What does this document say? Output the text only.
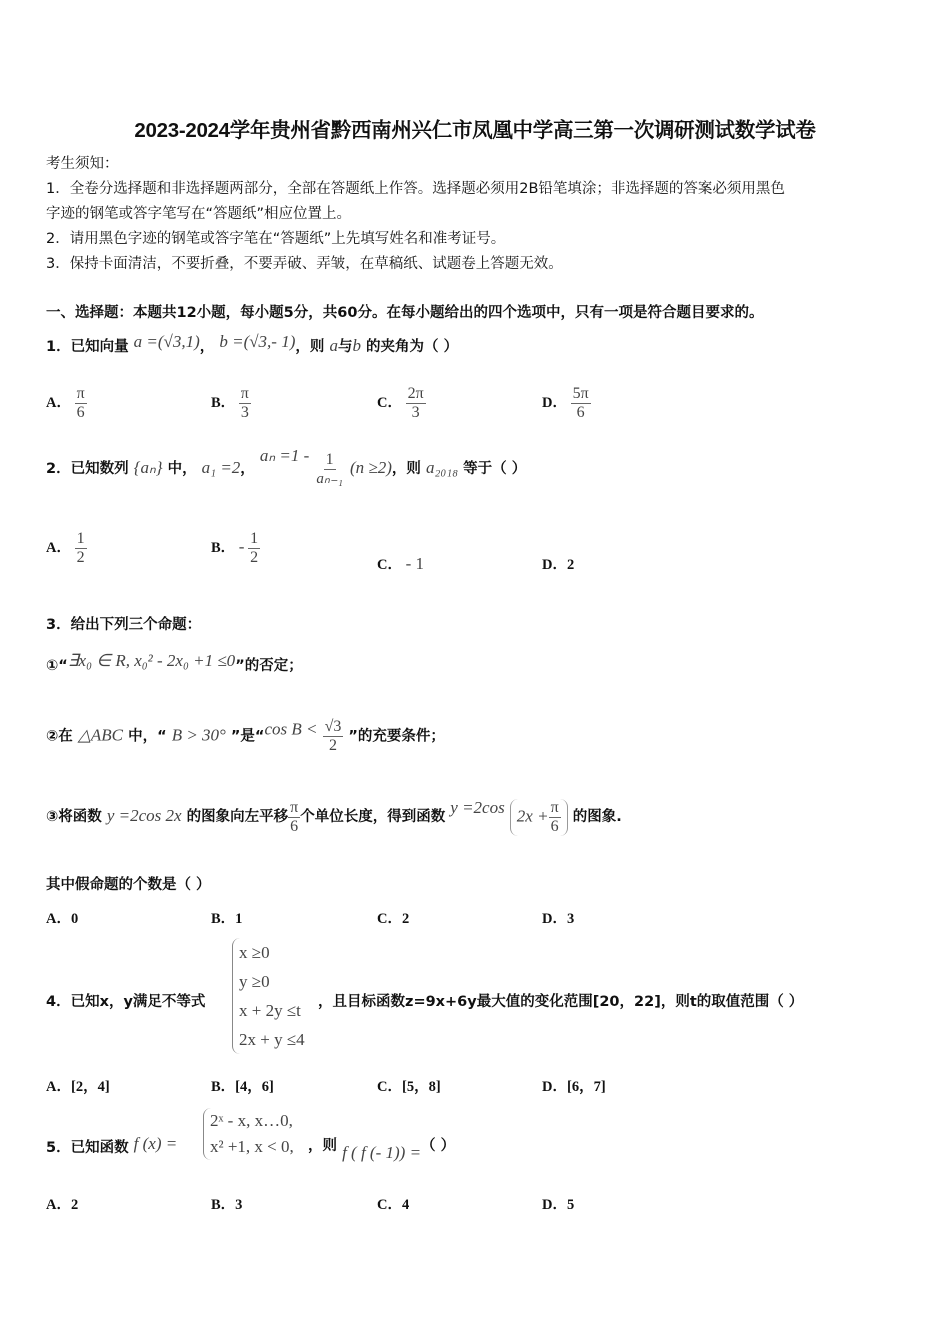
2023-2024学年贵州省黔西南州兴仁市凤凰中学高三第一次调研测试数学试卷
考生须知：
1．全卷分选择题和非选择题两部分，全部在答题纸上作答。选择题必须用2B铅笔填涂；非选择题的答案必须用黑色
字迹的钢笔或答字笔写在“答题纸”相应位置上。
2．请用黑色字迹的钢笔或答字笔在“答题纸”上先填写姓名和准考证号。
3．保持卡面清洁，不要折叠，不要弄破、弄皱，在草稿纸、试题卷上答题无效。
一、选择题：本题共12小题，每小题5分，共60分。在每小题给出的四个选项中，只有一项是符合题目要求的。
1．已知向量 a =(√3,1)， b =(√3,- 1)，则 a与b 的夹角为（ ）
A． $\frac{\pi}{6}$	B． $\frac{\pi}{3}$	C． $\frac{2\pi}{3}$	D． $\frac{5\pi}{6}$
2．已知数列 {aₙ} 中， a₁ =2， $a_n =1 - \frac{1}{\text{aₙ₋₁}} (n \ge 2)$，则 a₂₀₁₈ 等于（ ）
A． $\frac{1}{2}$	B． - $\frac{1}{2}$	C． - 1	D．2
3．给出下列三个命题：
①“∃x₀ ∈ R, x₀² - 2x₀ +1 ≤0”的否定；
②在 △ABC 中，“ B > 30° ”是“cos $B < \frac{√3}{2}$ ”的充要条件；
③将函数 y =2cos 2x 的图象向左平移 $\frac{\pi}{6}$ 个单位长度，得到函数 y =2cos $2x + \frac{\pi}{6}$ 的图象.
其中假命题的个数是（ ）
A．0	B．1	C．2	D．3
4．已知x，y满足不等式
x ≥0
y ≥0
x + 2y ≤t
2x + y ≤4
，且目标函数z=9x+6y最大值的变化范围[20，22]，则t的取值范围（ ）
A．[2，4]	B．[4，6]	C．[5，8]	D．[6，7]
5．已知函数 f (x) =
2ˣ - x, x…0,
x² +1, x < 0, ，则 f ( f (- 1)) =（ ）
A．2	B．3	C．4	D．5
